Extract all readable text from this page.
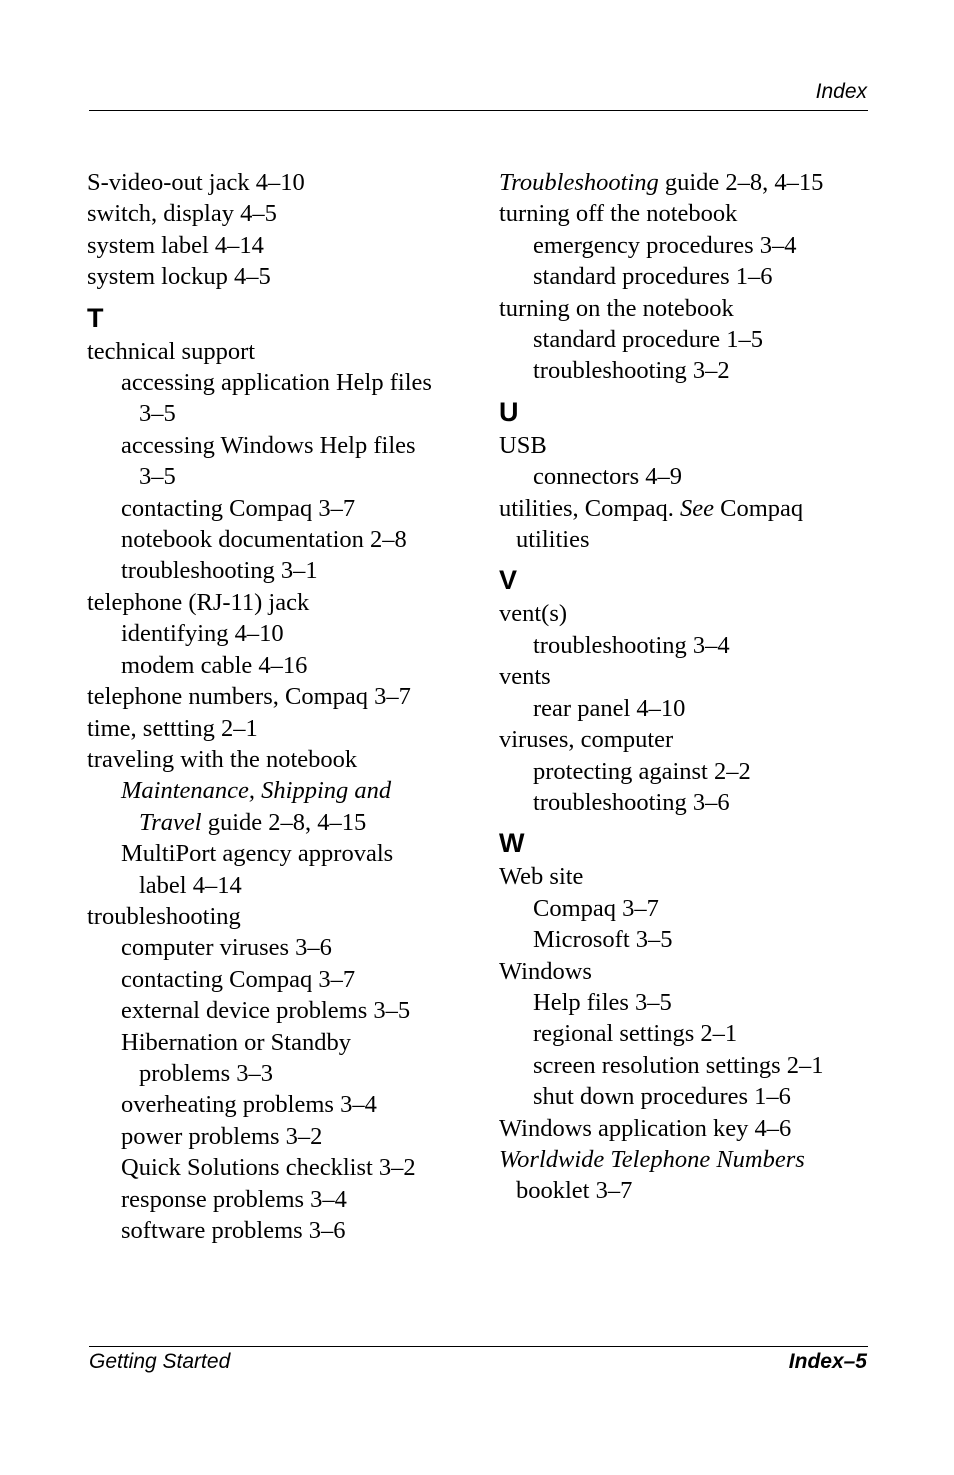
Index
S-video-out jack 4–10
switch, display 4–5
system label 4–14
system lockup 4–5
T
technical support
accessing application Help files
3–5
accessing Windows Help files
3–5
contacting Compaq 3–7
notebook documentation 2–8
troubleshooting 3–1
telephone (RJ-11) jack
identifying 4–10
modem cable 4–16
telephone numbers, Compaq 3–7
time, settting 2–1
traveling with the notebook
Maintenance, Shipping and
Travel guide 2–8, 4–15
MultiPort agency approvals
label 4–14
troubleshooting
computer viruses 3–6
contacting Compaq 3–7
external device problems 3–5
Hibernation or Standby
problems 3–3
overheating problems 3–4
power problems 3–2
Quick Solutions checklist 3–2
response problems 3–4
software problems 3–6
Troubleshooting guide 2–8, 4–15
turning off the notebook
emergency procedures 3–4
standard procedures 1–6
turning on the notebook
standard procedure 1–5
troubleshooting 3–2
U
USB
connectors 4–9
utilities, Compaq. See Compaq
utilities
V
vent(s)
troubleshooting 3–4
vents
rear panel 4–10
viruses, computer
protecting against 2–2
troubleshooting 3–6
W
Web site
Compaq 3–7
Microsoft 3–5
Windows
Help files 3–5
regional settings 2–1
screen resolution settings 2–1
shut down procedures 1–6
Windows application key 4–6
Worldwide Telephone Numbers
booklet 3–7
Getting Started	Index–5
